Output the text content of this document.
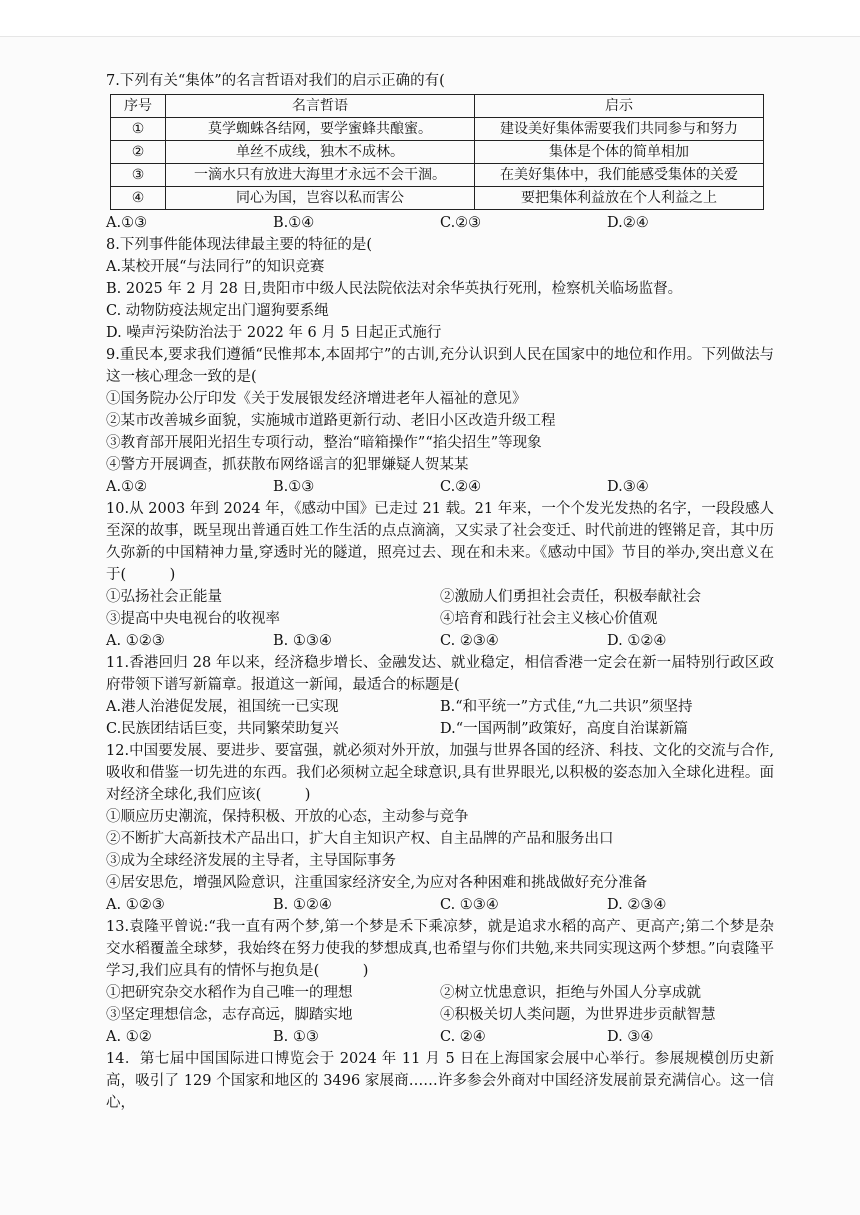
7.下列有关“集体”的名言哲语对我们的启示正确的有(

序号	名言哲语	启示
①	莫学蜘蛛各结网，要学蜜蜂共酿蜜。	建设美好集体需要我们共同参与和努力
②	单丝不成线，独木不成林。	集体是个体的简单相加
③	一滴水只有放进大海里才永远不会干涸。	在美好集体中，我们能感受集体的关爱
④	同心为国，岂容以私而害公	要把集体利益放在个人利益之上
A.①③	B.①④	C.②③	D.②④

8.下列事件能体现法律最主要的特征的是(

A.某校开展“与法同行”的知识竞赛

B. 2025 年 2 月 28 日,贵阳市中级人民法院依法对余华英执行死刑，检察机关临场监督。

C. 动物防疫法规定出门遛狗要系绳

D. 噪声污染防治法于 2022 年 6 月 5 日起正式施行

9.重民本,要求我们遵循“民惟邦本,本固邦宁”的古训,充分认识到人民在国家中的地位和作用。下列做法与这一核心理念一致的是(

①国务院办公厅印发《关于发展银发经济增进老年人福祉的意见》

②某市改善城乡面貌，实施城市道路更新行动、老旧小区改造升级工程

③教育部开展阳光招生专项行动，整治“暗箱操作”“掐尖招生”等现象

④警方开展调查，抓获散布网络谣言的犯罪嫌疑人贺某某

A.①②	B.①③	C.②④	D.③④

10.从 2003 年到 2024 年，《感动中国》已走过 21 载。21 年来，一个个发光发热的名字，一段段感人至深的故事，既呈现出普通百姓工作生活的点点滴滴，又实录了社会变迁、时代前进的铿锵足音，其中历久弥新的中国精神力量,穿透时光的隧道，照亮过去、现在和未来。《感动中国》节目的举办,突出意义在于(　　　)

①弘扬社会正能量	②激励人们勇担社会责任，积极奉献社会
③提高中央电视台的收视率	④培育和践行社会主义核心价值观
A. ①②③	B. ①③④	C. ②③④	D. ①②④

11.香港回归 28 年以来，经济稳步增长、金融发达、就业稳定，相信香港一定会在新一届特别行政区政府带领下谱写新篇章。报道这一新闻，最适合的标题是(

A.港人治港促发展，祖国统一已实现	B.“和平统一”方式佳,“九二共识”须坚持
C.民族团结话巨变，共同繁荣助复兴	D.“一国两制”政策好，高度自治谋新篇

12.中国要发展、要进步、要富强，就必须对外开放，加强与世界各国的经济、科技、文化的交流与合作,吸收和借鉴一切先进的东西。我们必须树立起全球意识,具有世界眼光,以积极的姿态加入全球化进程。面对经济全球化,我们应该(　　　)

①顺应历史潮流，保持积极、开放的心态，主动参与竞争

②不断扩大高新技术产品出口，扩大自主知识产权、自主品牌的产品和服务出口

③成为全球经济发展的主导者，主导国际事务

④居安思危，增强风险意识，注重国家经济安全,为应对各种困难和挑战做好充分准备

A. ①②③	B. ①②④	C. ①③④	D. ②③④

13.袁隆平曾说:“我一直有两个梦,第一个梦是禾下乘凉梦，就是追求水稻的高产、更高产;第二个梦是杂交水稻覆盖全球梦，我始终在努力使我的梦想成真,也希望与你们共勉,来共同实现这两个梦想。”向袁隆平学习,我们应具有的情怀与抱负是(　　　)

①把研究杂交水稻作为自己唯一的理想	②树立忧患意识，拒绝与外国人分享成就
③坚定理想信念，志存高远，脚踏实地	④积极关切人类问题，为世界进步贡献智慧
A. ①②	B. ①③	C. ②④	D. ③④

14．第七届中国国际进口博览会于 2024 年 11 月 5 日在上海国家会展中心举行。参展规模创历史新高，吸引了 129 个国家和地区的 3496 家展商……许多参会外商对中国经济发展前景充满信心。这一信心，
